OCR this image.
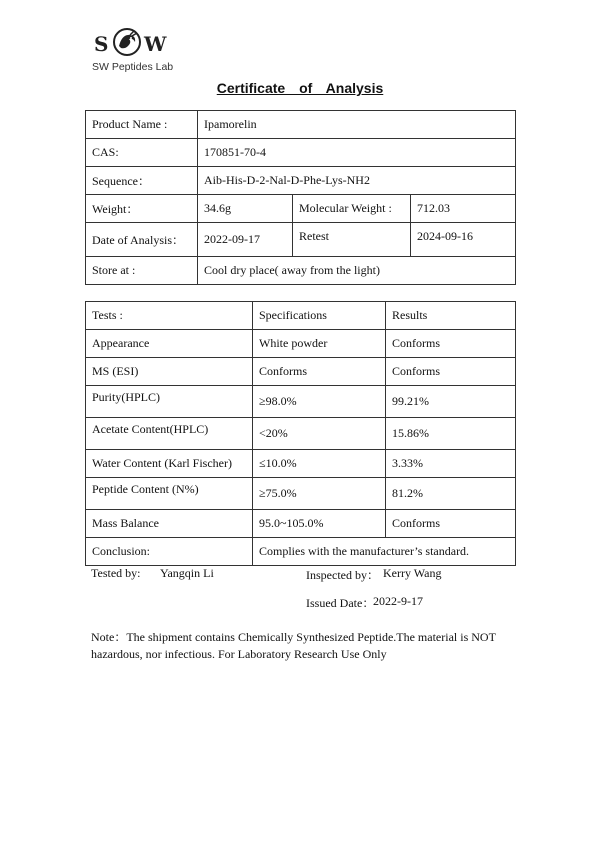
S W
SW Peptides Lab
Certificate of Analysis
Product Name :	Ipamorelin		
CAS:	170851-70-4		
Sequence：	Aib-His-D-2-Nal-D-Phe-Lys-NH2		
Weight：	34.6g	Molecular Weight :	712.03
Date of Analysis：	2022-09-17	Retest	2024-09-16
Store at :	Cool dry place( away from the light)		
Tests :	Specifications	Results
Appearance	White powder	Conforms
MS (ESI)	Conforms	Conforms
Purity(HPLC)	≥98.0%	99.21%
Acetate Content(HPLC)	<20%	15.86%
Water Content (Karl Fischer)	≤10.0%	3.33%
Peptide Content (N%)	≥75.0%	81.2%
Mass Balance	95.0~105.0%	Conforms
Conclusion:	Complies with the manufacturer’s standard.	
Tested by: Yangqin Li	Inspected by： Kerry Wang
Issued Date：
2022-9-17
Note：The shipment contains Chemically Synthesized Peptide.The material is NOT hazardous, nor infectious. For Laboratory Research Use Only
